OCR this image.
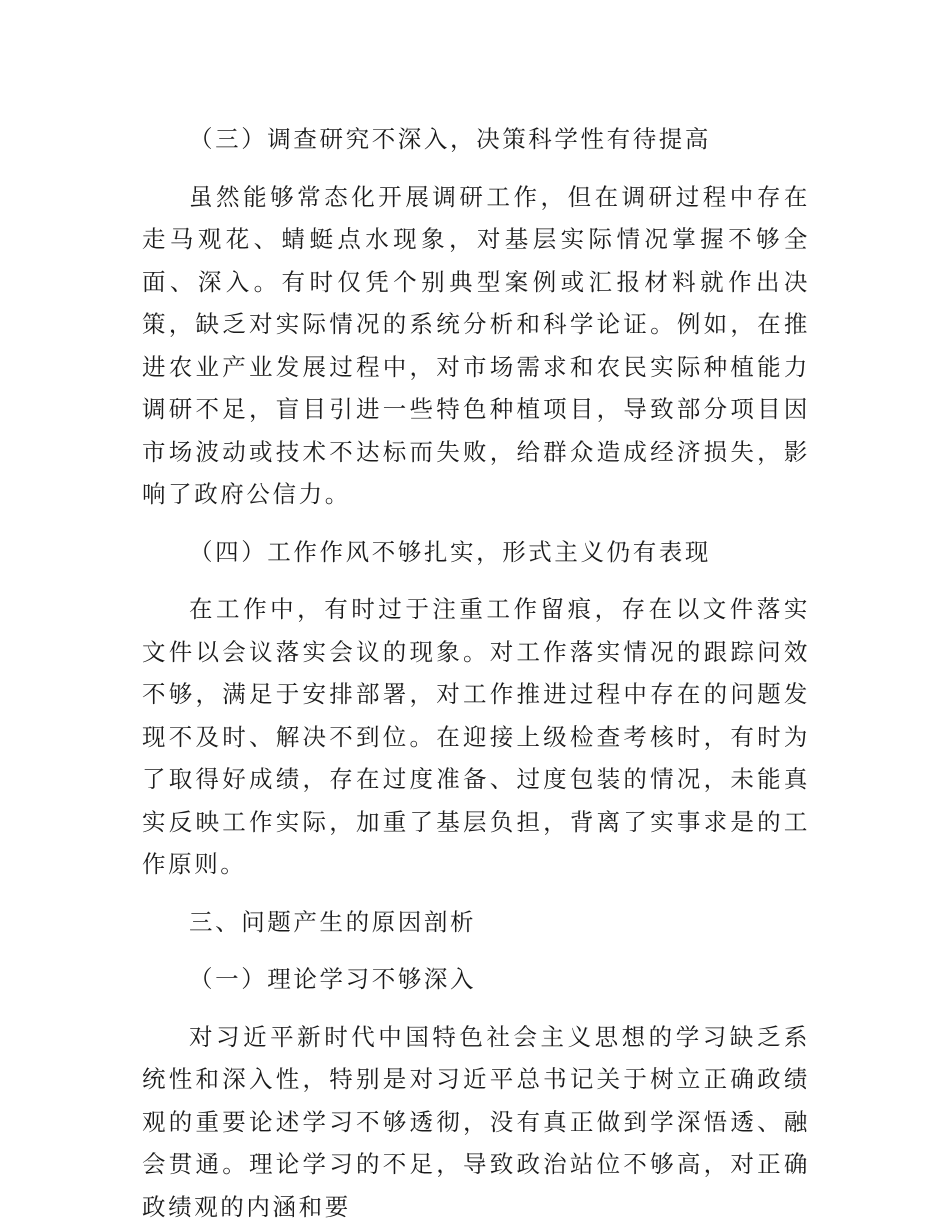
（三）调查研究不深入，决策科学性有待提高

虽然能够常态化开展调研工作，但在调研过程中存在走马观花、蜻蜓点水现象，对基层实际情况掌握不够全面、深入。有时仅凭个别典型案例或汇报材料就作出决策，缺乏对实际情况的系统分析和科学论证。例如，在推进农业产业发展过程中，对市场需求和农民实际种植能力调研不足，盲目引进一些特色种植项目，导致部分项目因市场波动或技术不达标而失败，给群众造成经济损失，影响了政府公信力。

（四）工作作风不够扎实，形式主义仍有表现

在工作中，有时过于注重工作留痕，存在以文件落实文件以会议落实会议的现象。对工作落实情况的跟踪问效不够，满足于安排部署，对工作推进过程中存在的问题发现不及时、解决不到位。在迎接上级检查考核时，有时为了取得好成绩，存在过度准备、过度包装的情况，未能真实反映工作实际，加重了基层负担，背离了实事求是的工作原则。

三、问题产生的原因剖析

（一）理论学习不够深入

对习近平新时代中国特色社会主义思想的学习缺乏系统性和深入性，特别是对习近平总书记关于树立正确政绩观的重要论述学习不够透彻，没有真正做到学深悟透、融会贯通。理论学习的不足，导致政治站位不够高，对正确政绩观的内涵和要
